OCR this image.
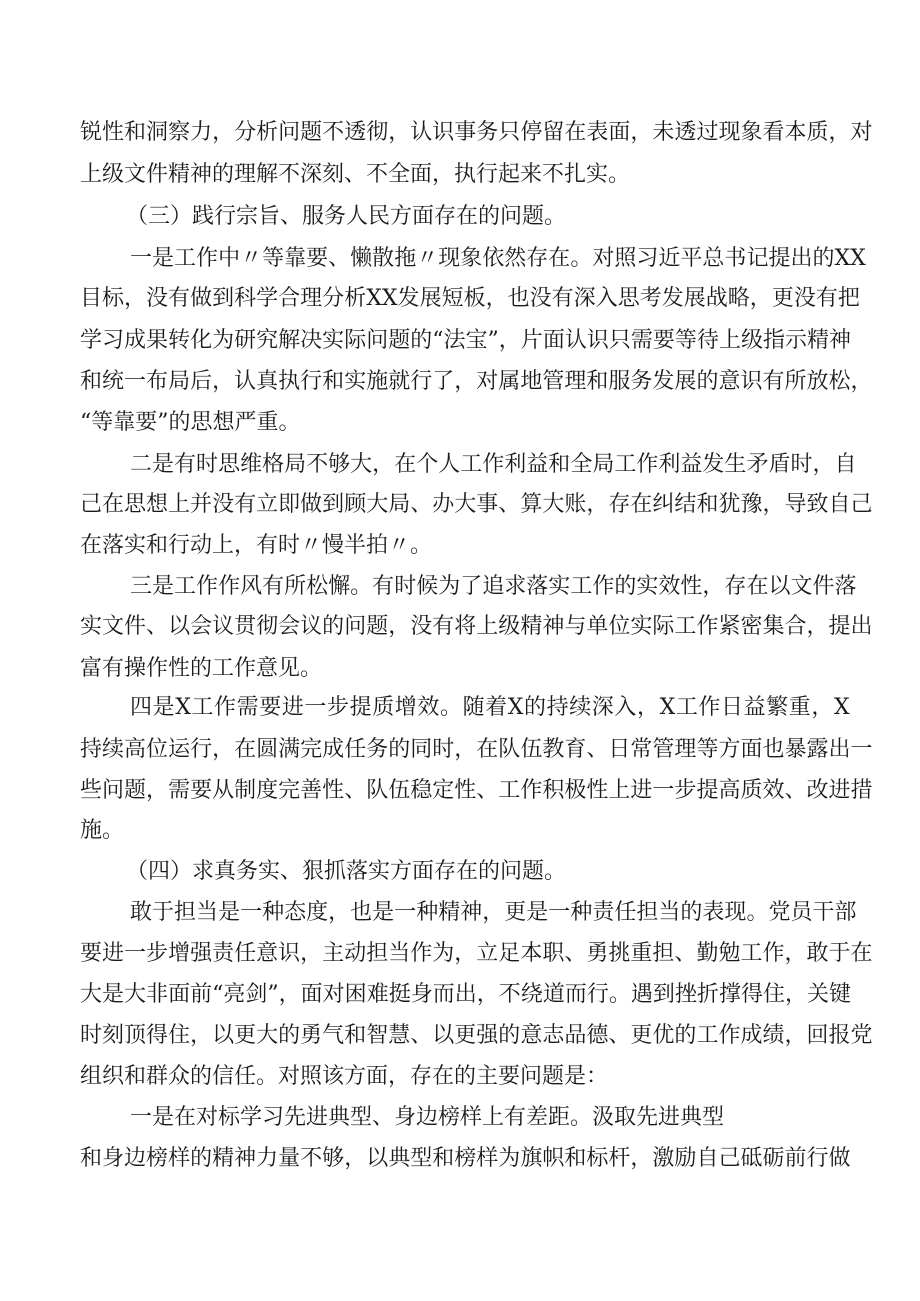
锐 性 和 洞 察 力 ， 分 析 问 题 不 透 彻 ， 认 识 事 务 只 停 留 在 表 面 ， 未 透 过 现 象 看 本 质 ， 对
上级文件精神的理解不深刻、不全面，执行起来不扎实。
（三）践行宗旨、服务人民方面存在的问题。
一 是 工 作 中 〃 等 靠 要 、 懒 散 拖 〃 现 象 依 然 存 在 。 对 照 习 近 平 总 书 记 提 出 的 X X
目 标 ， 没 有 做 到 科 学 合 理 分 析 X X 发 展 短 板 ， 也 没 有 深 入 思 考 发 展 战 略 ， 更 没 有 把
学 习 成 果 转 化 为 研 究 解 决 实 际 问 题 的 “ 法 宝 ” ， 片 面 认 识 只 需 要 等 待 上 级 指 示 精 神
和 统 一 布 局 后 ， 认 真 执 行 和 实 施 就 行 了 ， 对 属 地 管 理 和 服 务 发 展 的 意 识 有 所 放 松 ，
“等靠要”的思想严重。
二 是 有 时 思 维 格 局 不 够 大 ， 在 个 人 工 作 利 益 和 全 局 工 作 利 益 发 生 矛 盾 时 ， 自
己 在 思 想 上 并 没 有 立 即 做 到 顾 大 局 、 办 大 事 、 算 大 账 ， 存 在 纠 结 和 犹 豫 ， 导 致 自 己
在落实和行动上，有时〃慢半拍〃。
三 是 工 作 作 风 有 所 松 懈 。 有 时 候 为 了 追 求 落 实 工 作 的 实 效 性 ， 存 在 以 文 件 落
实 文 件 、 以 会 议 贯 彻 会 议 的 问 题 ， 没 有 将 上 级 精 神 与 单 位 实 际 工 作 紧 密 集 合 ， 提 出
富有操作性的工作意见。
四 是 X 工 作 需 要 进 一 步 提 质 增 效 。 随 着 X 的 持 续 深 入 ， X 工 作 日 益 繁 重 ， X
持 续 高 位 运 行 ， 在 圆 满 完 成 任 务 的 同 时 ， 在 队 伍 教 育 、 日 常 管 理 等 方 面 也 暴 露 出 一
些 问 题 ， 需 要 从 制 度 完 善 性 、 队 伍 稳 定 性 、 工 作 积 极 性 上 进 一 步 提 高 质 效 、 改 进 措
施。
（四）求真务实、狠抓落实方面存在的问题。
敢 于 担 当 是 一 种 态 度 ， 也 是 一 种 精 神 ， 更 是 一 种 责 任 担 当 的 表 现 。 党 员 干 部
要 进 一 步 增 强 责 任 意 识 ， 主 动 担 当 作 为 ， 立 足 本 职 、 勇 挑 重 担 、 勤 勉 工 作 ， 敢 于 在
大 是 大 非 面 前 “ 亮 剑 ” ， 面 对 困 难 挺 身 而 出 ， 不 绕 道 而 行 。 遇 到 挫 折 撑 得 住 ， 关 键
时 刻 顶 得 住 ， 以 更 大 的 勇 气 和 智 慧 、 以 更 强 的 意 志 品 德 、 更 优 的 工 作 成 绩 ， 回 报 党
组织和群众的信任。对照该方面，存在的主要问题是：
一是在对标学习先进典型、身边榜样上有差距。汲取先进典型
和 身 边 榜 样 的 精 神 力 量 不 够 ， 以 典 型 和 榜 样 为 旗 帜 和 标 杆 ， 激 励 自 己 砥 砺 前 行 做
